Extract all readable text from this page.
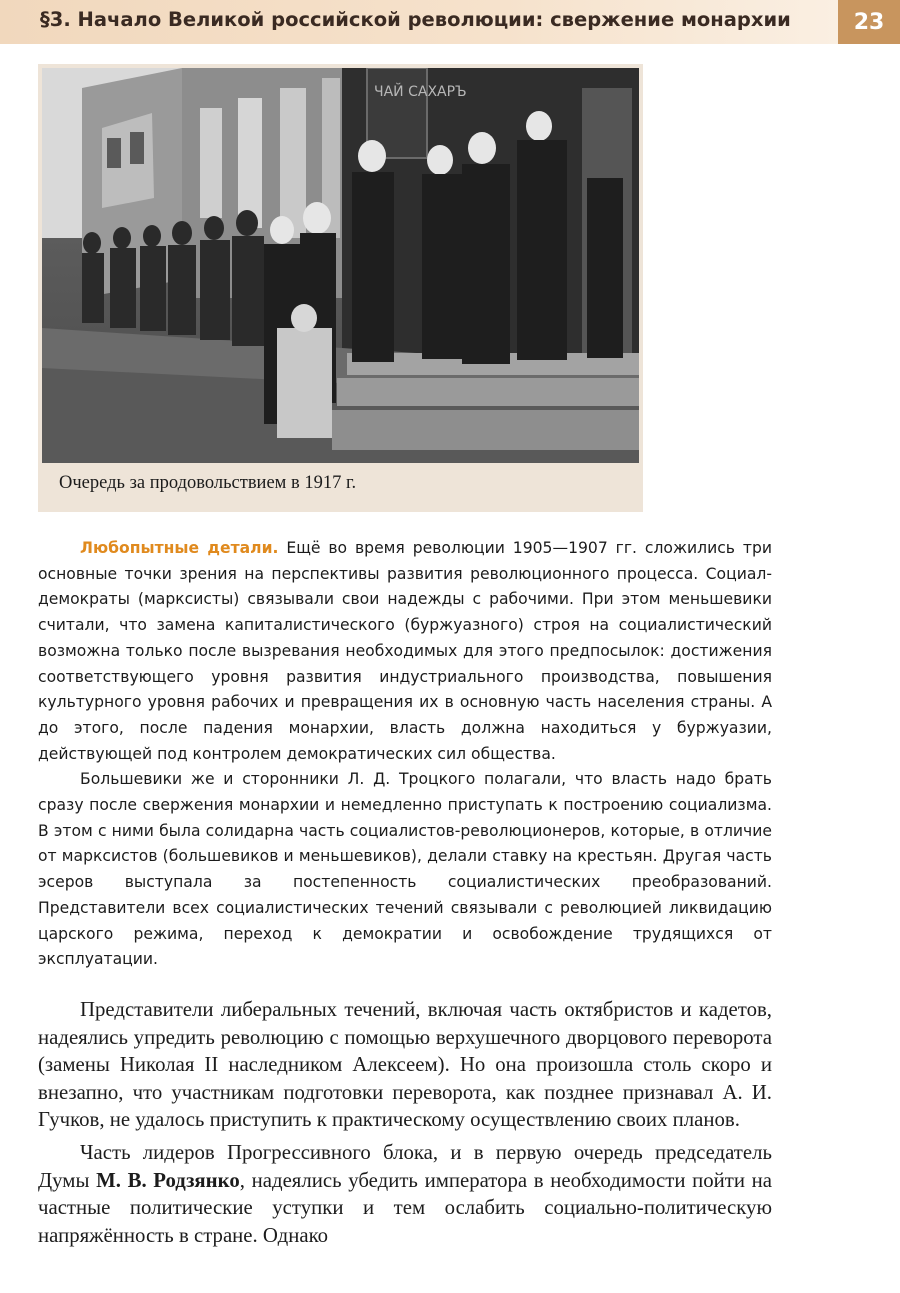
§3. Начало Великой российской революции: свержение монархии	23
ЧАЙ САХАРЪ
Очередь за продовольствием в 1917 г.

Любопытные детали. Ещё во время революции 1905—1907 гг. сложились три основные точки зрения на перспективы развития революционного процесса. Социал-демократы (марксисты) связывали свои надежды с рабочими. При этом меньшевики считали, что замена капиталистического (буржуазного) строя на социалистический возможна только после вызревания необходимых для этого предпосылок: достижения соответствующего уровня развития индустриального производства, повышения культурного уровня рабочих и превращения их в основную часть населения страны. А до этого, после падения монархии, власть должна находиться у буржуазии, действующей под контролем демократических сил общества.

Большевики же и сторонники Л. Д. Троцкого полагали, что власть надо брать сразу после свержения монархии и немедленно приступать к построению социализма. В этом с ними была солидарна часть социалистов-революционеров, которые, в отличие от марксистов (большевиков и меньшевиков), делали ставку на крестьян. Другая часть эсеров выступала за постепенность социалистических преобразований. Представители всех социалистических течений связывали с революцией ликвидацию царского режима, переход к демократии и освобождение трудящихся от эксплуатации.

Представители либеральных течений, включая часть октябристов и кадетов, надеялись упредить революцию с помощью верхушечного дворцового переворота (замены Николая II наследником Алексеем). Но она произошла столь скоро и внезапно, что участникам подготовки переворота, как позднее признавал А. И. Гучков, не удалось приступить к практическому осуществлению своих планов.

Часть лидеров Прогрессивного блока, и в первую очередь председатель Думы М. В. Родзянко, надеялись убедить императора в необходимости пойти на частные политические уступки и тем ослабить социально-политическую напряжённость в стране. Однако
